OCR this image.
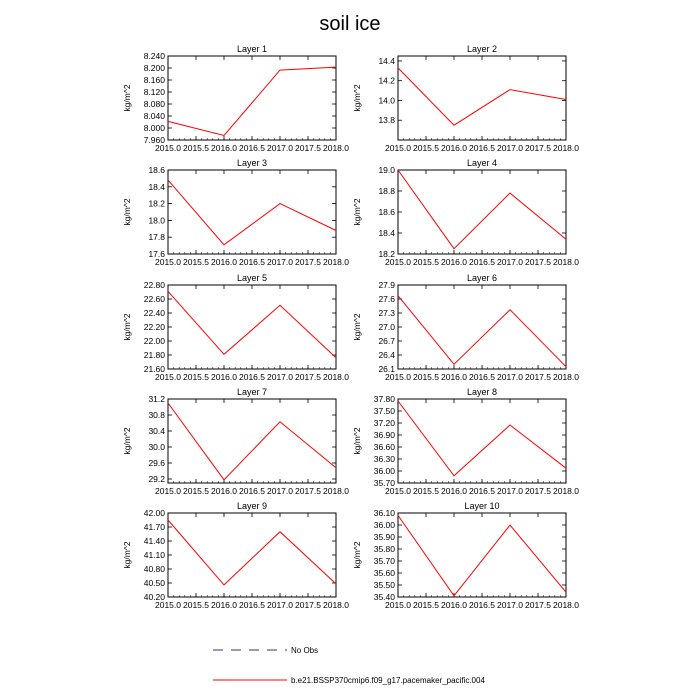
soil ice
Layer 1
2015.0 2015.5 2016.0 2016.5 2017.0 2017.5 2018.0
7.960
8.000
8.040
8.080
8.120
8.160
8.200
8.240
kg/m^2
Layer 2
2015.0 2015.5 2016.0 2016.5 2017.0 2017.5 2018.0
13.8
14.0
14.2
14.4
kg/m^2
Layer 3
2015.0 2015.5 2016.0 2016.5 2017.0 2017.5 2018.0
17.6
17.8
18.0
18.2
18.4
18.6
kg/m^2
Layer 4
2015.0 2015.5 2016.0 2016.5 2017.0 2017.5 2018.0
18.2
18.4
18.6
18.8
19.0
kg/m^2
Layer 5
2015.0 2015.5 2016.0 2016.5 2017.0 2017.5 2018.0
21.60
21.80
22.00
22.20
22.40
22.60
22.80
kg/m^2
Layer 6
2015.0 2015.5 2016.0 2016.5 2017.0 2017.5 2018.0
26.1
26.4
26.7
27.0
27.3
27.6
27.9
kg/m^2
Layer 7
2015.0 2015.5 2016.0 2016.5 2017.0 2017.5 2018.0
29.2
29.6
30.0
30.4
30.8
31.2
kg/m^2
Layer 8
2015.0 2015.5 2016.0 2016.5 2017.0 2017.5 2018.0
35.70
36.00
36.30
36.60
36.90
37.20
37.50
37.80
kg/m^2
Layer 9
2015.0 2015.5 2016.0 2016.5 2017.0 2017.5 2018.0
40.20
40.50
40.80
41.10
41.40
41.70
42.00
kg/m^2
Layer 10
2015.0 2015.5 2016.0 2016.5 2017.0 2017.5 2018.0
35.40
35.50
35.60
35.70
35.80
35.90
36.00
36.10
kg/m^2
No Obs
b.e21.BSSP370cmip6.f09_g17.pacemaker_pacific.004
